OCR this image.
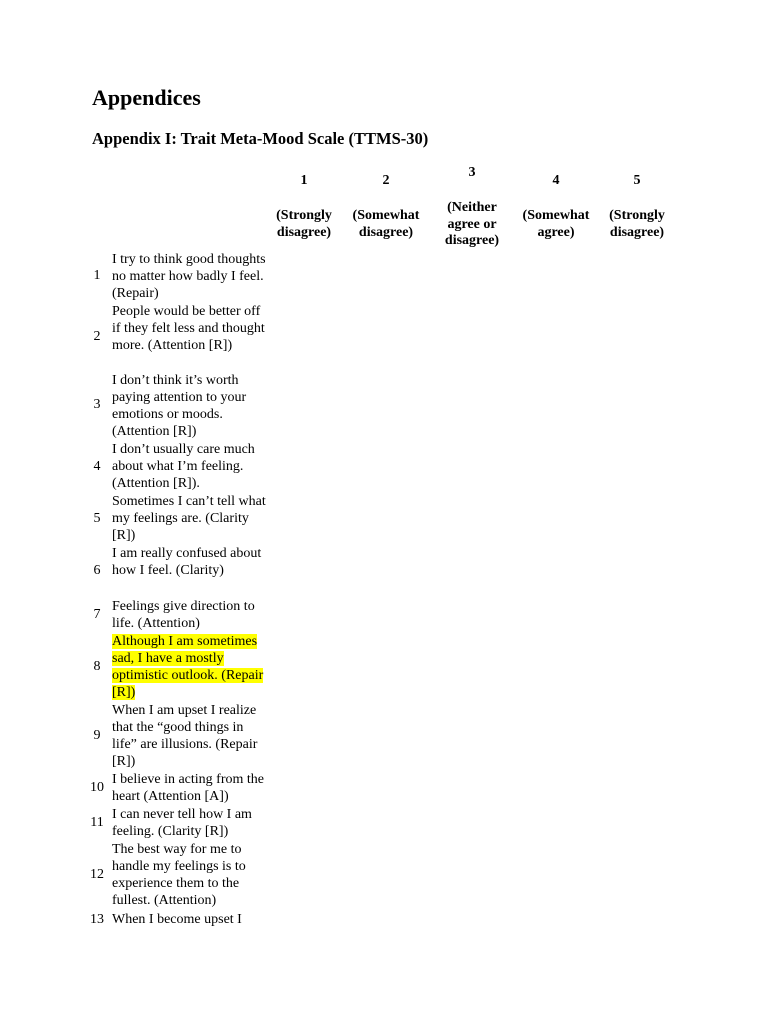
Appendices
Appendix I: Trait Meta-Mood Scale (TTMS-30)
1
(Strongly disagree)
2
(Somewhat disagree)
3
(Neither agree or disagree)
4
(Somewhat agree)
5
(Strongly disagree)
1
I try to think good thoughts no matter how badly I feel. (Repair)
2
People would be better off if they felt less and thought more. (Attention [R])
3
I don’t think it’s worth paying attention to your emotions or moods. (Attention [R])
4
I don’t usually care much about what I’m feeling. (Attention [R]).
5
Sometimes I can’t tell what my feelings are. (Clarity [R])
6
I am really confused about how I feel. (Clarity)
7
Feelings give direction to life. (Attention)
8
Although I am sometimes sad, I have a mostly optimistic outlook. (Repair [R])
9
When I am upset I realize that the “good things in life” are illusions. (Repair [R])
10
I believe in acting from the heart (Attention [A])
11
I can never tell how I am feeling. (Clarity [R])
12
The best way for me to handle my feelings is to experience them to the fullest. (Attention)
13 When I become upset I
